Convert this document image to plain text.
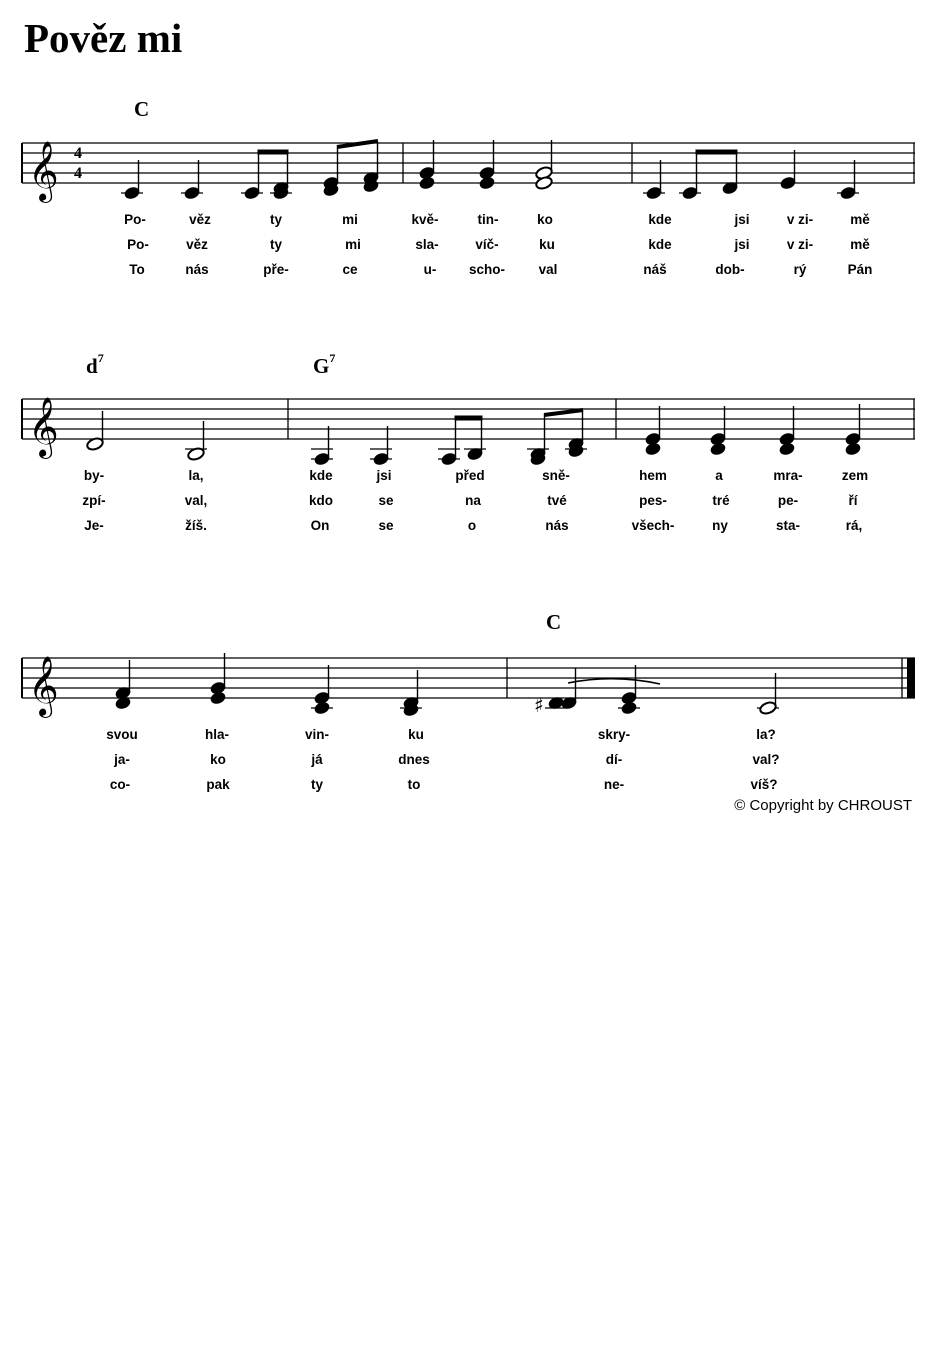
Pověz mi
C
𝄞 4
4
Po-	věz	ty	mi	kvě-	tin-	ko	kde	jsi	v zi-	mě
Po-	věz	ty	mi	sla-	víč-	ku	kde	jsi	v zi-	mě
To	nás	pře-	ce	u- scho- val	náš	dob-	rý	Pán
$d^7$	$G^7$
𝄞
by-	la,	kde	jsi	před	sně-	hem	a	mra-	zem
zpí-	val,	kdo	se	na	tvé	pes-	tré	pe-	ří
Je-	žíš.	On	se	o	nás	všech-	ny	sta-	rá,
C
𝄞	♯
svou	hla-	vin-	ku	skry-	la?
ja-	ko	já	dnes	dí-	val?
co-	pak	ty	to	ne-	víš?
© Copyright by CHROUST
